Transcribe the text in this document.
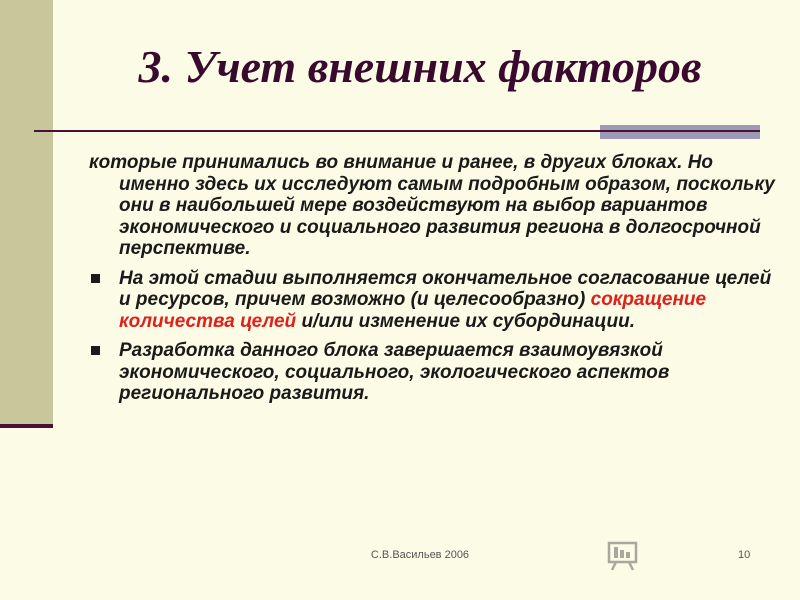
3. Учет внешних факторов

которые принимались во внимание и ранее, в других блоках. Но именно здесь их исследуют самым подробным образом, поскольку они в наибольшей мере воздействуют на выбор вариантов экономического и социального развития региона в долгосрочной перспективе.

На этой стадии выполняется окончательное согласование целей и ресурсов, причем возможно (и целесообразно) сокращение количества целей и/или изменение их субординации.

Разработка данного блока завершается взаимоувязкой экономического, социального, экологического аспектов регионального развития.

С.В.Васильев 2006	10
